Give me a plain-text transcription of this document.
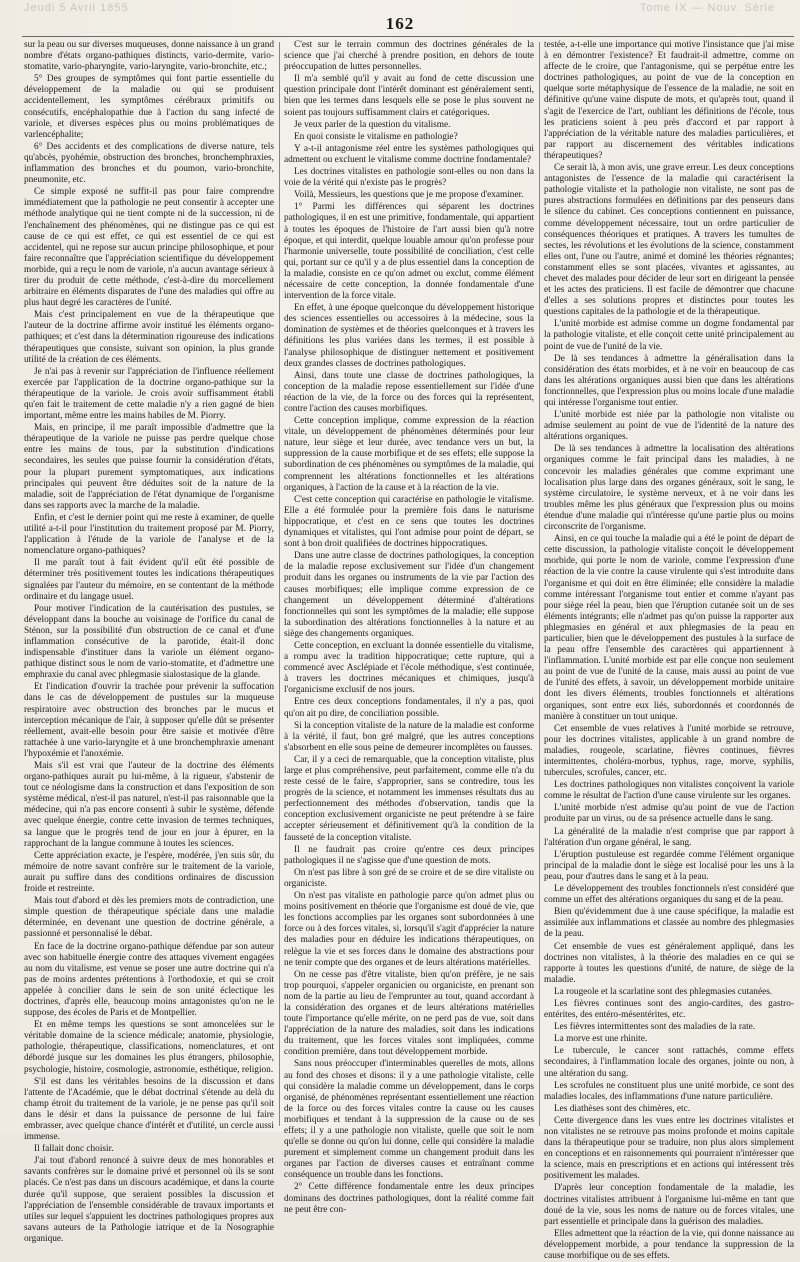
Jeudi 5 Avril 1855	Tome IX — Nouv. Série
162

sur la peau ou sur diverses muqueuses, donne naissance à un grand nombre d'états organo-pathiques distincts, vario-dermite, vario-stomatite, vario-pharyngite, vario-laryngite, vario-bronchite, etc.;

5° Des groupes de symptômes qui font partie essentielle du développement de la maladie ou qui se produisent accidentellement, les symptômes cérébraux primitifs ou consécutifs, encéphalopathie due à l'action du sang infecté de variole, et diverses espèces plus ou moins problématiques de varlencéphalite;

6° Des accidents et des complications de diverse nature, tels qu'abcès, pyohémie, obstruction des bronches, bronchemphraxies, inflammation des bronches et du poumon, vario-bronchite, pneumonite, etc.

Ce simple exposé ne suffit-il pas pour faire comprendre immédiatement que la pathologie ne peut consentir à accepter une méthode analytique qui ne tient compte ni de la succession, ni de l'enchaînement des phénomènes, qui ne distingue pas ce qui est cause de ce qui est effet, ce qui est essentiel de ce qui est accidentel, qui ne repose sur aucun principe philosophique, et pour faire reconnaître que l'appréciation scientifique du développement morbide, qui a reçu le nom de variole, n'a aucun avantage sérieux à tirer du produit de cette méthode, c'est-à-dire du morcellement arbitraire en éléments disparates de l'une des maladies qui offre au plus haut degré les caractères de l'unité.

Mais c'est principalement en vue de la thérapeutique que l'auteur de la doctrine affirme avoir institué les éléments organo-pathiques; et c'est dans la détermination rigoureuse des indications thérapeutiques que consiste, suivant son opinion, la plus grande utilité de la création de ces éléments.

Je n'ai pas à revenir sur l'appréciation de l'influence réellement exercée par l'application de la doctrine organo-pathique sur la thérapeutique de la variole. Je crois avoir suffisamment établi qu'en fait le traitement de cette maladie n'y a rien gagné de bien important, même entre les mains habiles de M. Piorry.

Mais, en principe, il me paraît impossible d'admettre que la thérapeutique de la variole ne puisse pas perdre quelque chose entre les mains de tous, par la substitution d'indications secondaires, les seules que puisse fournir la considération d'états, pour la plupart purement symptomatiques, aux indications principales qui peuvent être déduites soit de la nature de la maladie, soit de l'appréciation de l'état dynamique de l'organisme dans ses rapports avec la marche de la maladie.

Enfin, et c'est le dernier point qui me reste à examiner, de quelle utilité a-t-il pour l'institution du traitement proposé par M. Piorry, l'application à l'étude de la variole de l'analyse et de la nomenclature organo-pathiques?

Il me paraît tout à fait évident qu'il eût été possible de déterminer très positivement toutes les indications thérapeutiques signalées par l'auteur du mémoire, en se contentant de la méthode ordinaire et du langage usuel.

Pour motiver l'indication de la cautérisation des pustules, se développant dans la bouche au voisinage de l'orifice du canal de Sténon, sur la possibilité d'un obstruction de ce canal et d'une inflammation consécutive de la parotide, était-il donc indispensable d'instituer dans la variole un élément organo-pathique distinct sous le nom de vario-stomatite, et d'admettre une emphraxie du canal avec phlegmasie sialostasique de la glande.

Et l'indication d'ouvrir la trachée pour prévenir la suffocation dans le cas de développement de pustules sur la muqueuse respiratoire avec obstruction des bronches par le mucus et interception mécanique de l'air, à supposer qu'elle dût se présenter réellement, avait-elle besoin pour être saisie et motivée d'être rattachée à une vario-laryngite et à une bronchemphraxie amenant l'hypoxémie et l'anoxémie.

Mais s'il est vrai que l'auteur de la doctrine des éléments organo-pathiques aurait pu lui-même, à la rigueur, s'abstenir de tout ce néologisme dans la construction et dans l'exposition de son système médical, n'est-il pas naturel, n'est-il pas raisonnable que la médecine, qui n'a pas encore consenti à subir le système, défende avec quelque énergie, contre cette invasion de termes techniques, sa langue que le progrès tend de jour en jour à épurer, en la rapprochant de la langue commune à toutes les sciences.

Cette appréciation exacte, je l'espère, modérée, j'en suis sûr, du mémoire de notre savant confrère sur le traitement de la variole, aurait pu suffire dans des conditions ordinaires de discussion froide et restreinte.

Mais tout d'abord et dès les premiers mots de contradiction, une simple question de thérapeutique spéciale dans une maladie déterminée, en devenant une question de doctrine générale, a passionné et personnalisé le débat.

En face de la doctrine organo-pathique défendue par son auteur avec son habituelle énergie contre des attaques vivement engagées au nom du vitalisme, est venue se poser une autre doctrine qui n'a pas de moins ardentes prétentions à l'orthodoxie, et qui se croit appelée à concilier dans le sein de son unité éclectique les doctrines, d'après elle, beaucoup moins antagonistes qu'on ne le suppose, des écoles de Paris et de Montpellier.

Et en même temps les questions se sont amoncelées sur le véritable domaine de la science médicale; anatomie, physiologie, pathologie, thérapeutique, classifications, nomenclatures, et ont débordé jusque sur les domaines les plus étrangers, philosophie, psychologie, histoire, cosmologie, astronomie, esthétique, religion.

S'il est dans les véritables besoins de la discussion et dans l'attente de l'Académie, que le débat doctrinal s'étende au delà du champ étroit du traitement de la variole, je ne pense pas qu'il soit dans le désir et dans la puissance de personne de lui faire embrasser, avec quelque chance d'intérêt et d'utilité, un cercle aussi immense.

Il fallait donc choisir.

J'ai tout d'abord renoncé à suivre deux de mes honorables et savants confrères sur le domaine privé et personnel où ils se sont placés. Ce n'est pas dans un discours académique, et dans la courte durée qu'il suppose, que seraient possibles la discussion et l'appréciation de l'ensemble considérable de travaux importants et utiles sur lequel s'appuient les doctrines pathologiques propres aux savans auteurs de la Pathologie iatrique et de la Nosographie organique.

C'est sur le terrain commun des doctrines générales de la science que j'ai cherché à prendre position, en dehors de toute préoccupation de luttes personnelles.

Il m'a semblé qu'il y avait au fond de cette discussion une question principale dont l'intérêt dominant est généralement senti, bien que les termes dans lesquels elle se pose le plus souvent ne soient pas toujours suffisamment clairs et catégoriques.

Je veux parler de la question du vitalisme.

En quoi consiste le vitalisme en pathologie?

Y a-t-il antagonisme réel entre les systèmes pathologiques qui admettent ou excluent le vitalisme comme doctrine fondamentale?

Les doctrines vitalistes en pathologie sont-elles ou non dans la voie de la vérité qui n'existe pas le progrès?

Voilà, Messieurs, les questions que je me propose d'examiner.

1° Parmi les différences qui séparent les doctrines pathologiques, il en est une primitive, fondamentale, qui appartient à toutes les époques de l'histoire de l'art aussi bien qu'à notre époque, et qui interdit, quelque louable amour qu'on professe pour l'harmonie universelle, toute possibilité de conciliation, c'est celle qui, portant sur ce qu'il y a de plus essentiel dans la conception de la maladie, consiste en ce qu'on admet ou exclut, comme élément nécessaire de cette conception, la donnée fondamentale d'une intervention de la force vitale.

En effet, à une époque quelconque du développement historique des sciences essentielles ou accessoires à la médecine, sous la domination de systèmes et de théories quelconques et à travers les définitions les plus variées dans les termes, il est possible à l'analyse philosophique de distinguer nettement et positivement deux grandes classes de doctrines pathologiques.

Ainsi, dans toute une classe de doctrines pathologiques, la conception de la maladie repose essentiellement sur l'idée d'une réaction de la vie, de la force ou des forces qui la représentent, contre l'action des causes morbifiques.

Cette conception implique, comme expression de la réaction vitale, un développement de phénomènes déterminés pour leur nature, leur siège et leur durée, avec tendance vers un but, la suppression de la cause morbifique et de ses effets; elle suppose la subordination de ces phénomènes ou symptômes de la maladie, qui comprennent les altérations fonctionnelles et les altérations organiques, à l'action de la cause et à la réaction de la vie.

C'est cette conception qui caractérise en pathologie le vitalisme. Elle a été formulée pour la première fois dans le naturisme hippocratique, et c'est en ce sens que toutes les doctrines dynamiques et vitalistes, qui l'ont admise pour point de départ, se sont à bon droit qualifiées de doctrines hippocratiques.

Dans une autre classe de doctrines pathologiques, la conception de la maladie repose exclusivement sur l'idée d'un changement produit dans les organes ou instruments de la vie par l'action des causes morbifiques; elle implique comme expression de ce changement un développement déterminé d'altérations fonctionnelles qui sont les symptômes de la maladie; elle suppose la subordination des altérations fonctionnelles à la nature et au siège des changements organiques.

Cette conception, en excluant la donnée essentielle du vitalisme, a rompu avec la tradition hippocratique; cette rupture, qui a commencé avec Asclépiade et l'école méthodique, s'est continuée, à travers les doctrines mécaniques et chimiques, jusqu'à l'organicisme exclusif de nos jours.

Entre ces deux conceptions fondamentales, il n'y a pas, quoi qu'on ait pu dire, de conciliation possible.

Si la conception vitaliste de la nature de la maladie est conforme à la vérité, il faut, bon gré malgré, que les autres conceptions s'absorbent en elle sous peine de demeurer incomplètes ou fausses.

Car, il y a ceci de remarquable, que la conception vitaliste, plus large et plus compréhensive, peut parfaitement, comme elle n'a du reste cessé de le faire, s'approprier, sans se contredire, tous les progrès de la science, et notamment les immenses résultats dus au perfectionnement des méthodes d'observation, tandis que la conception exclusivement organiciste ne peut prétendre à se faire accepter sérieusement et définitivement qu'à la condition de la fausseté de la conception vitaliste.

Il ne faudrait pas croire qu'entre ces deux principes pathologiques il ne s'agisse que d'une question de mots.

On n'est pas libre à son gré de se croire et de se dire vitaliste ou organiciste.

On n'est pas vitaliste en pathologie parce qu'on admet plus ou moins positivement en théorie que l'organisme est doué de vie, que les fonctions accomplies par les organes sont subordonnées à une force ou à des forces vitales, si, lorsqu'il s'agit d'apprécier la nature des maladies pour en déduire les indications thérapeutiques, on relègue la vie et ses forces dans le domaine des abstractions pour ne tenir compte que des organes et de leurs altérations matérielles.

On ne cesse pas d'être vitaliste, bien qu'on préfère, je ne sais trop pourquoi, s'appeler organicien ou organiciste, en prenant son nom de la partie au lieu de l'emprunter au tout, quand accordant à la considération des organes et de leurs altérations matérielles toute l'importance qu'elle mérite, on ne perd pas de vue, soit dans l'appréciation de la nature des maladies, soit dans les indications du traitement, que les forces vitales sont impliquées, comme condition première, dans tout développement morbide.

Sans nous préoccuper d'interminables querelles de mots, allons au fond des choses et disons: il y a une pathologie vitaliste, celle qui considère la maladie comme un développement, dans le corps organisé, de phénomènes représentant essentiellement une réaction de la force ou des forces vitales contre la cause ou les causes morbifiques et tendant à la suppression de la cause ou de ses effets; il y a une pathologie non vitaliste, quelle que soit le nom qu'elle se donne ou qu'on lui donne, celle qui considère la maladie purement et simplement comme un changement produit dans les organes par l'action de diverses causes et entraînant comme conséquence un trouble dans les fonctions.

2° Cette différence fondamentale entre les deux principes dominans des doctrines pathologiques, dont la réalité comme fait ne peut être con-

testée, a-t-elle une importance qui motive l'insistance que j'ai mise à en démontrer l'existence? Et faudrait-il admettre, comme on affecte de le croire, que l'antagonisme, qui se perpétue entre les doctrines pathologiques, au point de vue de la conception en quelque sorte métaphysique de l'essence de la maladie, ne soit en définitive qu'une vaine dispute de mots, et qu'après tout, quand il s'agit de l'exercice de l'art, oubliant les définitions de l'école, tous les praticiens soient à peu près d'accord et par rapport à l'appréciation de la véritable nature des maladies particulières, et par rapport au discernement des véritables indications thérapeutiques?

Ce serait là, à mon avis, une grave erreur. Les deux conceptions antagonistes de l'essence de la maladie qui caractérisent la pathologie vitaliste et la pathologie non vitaliste, ne sont pas de pures abstractions formulées en définitions par des penseurs dans le silence du cabinet. Ces conceptions contiennent en puissance, comme développement nécessaire, tout un ordre particulier de conséquences théoriques et pratiques. A travers les tumultes de sectes, les révolutions et les évolutions de la science, constamment elles ont, l'une ou l'autre, animé et dominé les théories régnantes; constamment elles se sont placées, vivantes et agissantes, au chevet des malades pour décider de leur sort en dirigeant la pensée et les actes des praticiens. Il est facile de démontrer que chacune d'elles a ses solutions propres et distinctes pour toutes les questions capitales de la pathologie et de la thérapeutique.

L'unité morbide est admise comme un dogme fondamental par la pathologie vitaliste, et elle conçoit cette unité principalement au point de vue de l'unité de la vie.

De là ses tendances à admettre la généralisation dans la considération des états morbides, et à ne voir en beaucoup de cas dans les altérations organiques aussi bien que dans les altérations fonctionnelles, que l'expression plus ou moins locale d'une maladie qui intéresse l'organisme tout entier.

L'unité morbide est niée par la pathologie non vitaliste ou admise seulement au point de vue de l'identité de la nature des altérations organiques.

De là ses tendances à admettre la localisation des altérations organiques comme le fait principal dans les maladies, à ne concevoir les maladies générales que comme exprimant une localisation plus large dans des organes généraux, soit le sang, le système circulatoire, le système nerveux, et à ne voir dans les troubles même les plus généraux que l'expression plus ou moins étendue d'une maladie qui n'intéresse qu'une partie plus ou moins circonscrite de l'organisme.

Ainsi, en ce qui touche la maladie qui a été le point de départ de cette discussion, la pathologie vitaliste conçoit le développement morbide, qui porte le nom de variole, comme l'expression d'une réaction de la vie contre la cause virulente qui s'est introduite dans l'organisme et qui doit en être éliminée; elle considère la maladie comme intéressant l'organisme tout entier et comme n'ayant pas pour siège réel la peau, bien que l'éruption cutanée soit un de ses éléments intégrants; elle n'admet pas qu'on puisse la rapporter aux phlegmasies en général et aux phlegmasies de la peau en particulier, bien que le développement des pustules à la surface de la peau offre l'ensemble des caractères qui appartiennent à l'inflammation. L'unité morbide est par elle conçue non seulement au point de vue de l'unité de la cause, mais aussi au point de vue de l'unité des effets, à savoir, un développement morbide unitaire dont les divers éléments, troubles fonctionnels et altérations organiques, sont entre eux liés, subordonnés et coordonnés de manière à constituer un tout unique.

Cet ensemble de vues relatives à l'unité morbide se retrouve, pour les doctrines vitalistes, applicable à un grand nombre de maladies, rougeole, scarlatine, fièvres continues, fièvres intermittentes, choléra-morbus, typhus, rage, morve, syphilis, tubercules, scrofules, cancer, etc.

Les doctrines pathologiques non vitalistes conçoivent la variole comme le résultat de l'action d'une cause virulente sur les organes.

L'unité morbide n'est admise qu'au point de vue de l'action produite par un virus, ou de sa présence actuelle dans le sang.

La généralité de la maladie n'est comprise que par rapport à l'altération d'un organe général, le sang.

L'éruption pustuleuse est regardée comme l'élément organique principal de la maladie dont le siège est localisé pour les uns à la peau, pour d'autres dans le sang et à la peau.

Le développement des troubles fonctionnels n'est considéré que comme un effet des altérations organiques du sang et de la peau.

Bien qu'évidemment due à une cause spécifique, la maladie est assimilée aux inflammations et classée au nombre des phlegmasies de la peau.

Cet ensemble de vues est généralement appliqué, dans les doctrines non vitalistes, à la théorie des maladies en ce qui se rapporte à toutes les questions d'unité, de nature, de siège de la maladie.

La rougeole et la scarlatine sont des phlegmasies cutanées.

Les fièvres continues sont des angio-cardites, des gastro-entérites, des entéro-mésentérites, etc.

Les fièvres intermittentes sont des maladies de la rate.

La morve est une rhinite.

Le tubercule, le cancer sont rattachés, comme effets secondaires, à l'inflammation locale des organes, jointe ou non, à une altération du sang.

Les scrofules ne constituent plus une unité morbide, ce sont des maladies locales, des inflammations d'une nature particulière.

Les diathèses sont des chimères, etc.

Cette divergence dans les vues entre les doctrines vitalistes et non vitalistes ne se retrouve pas moins profonde et moins capitale dans la thérapeutique pour se traduire, non plus alors simplement en conceptions et en raisonnements qui pourraient n'intéresser que la science, mais en prescriptions et en actions qui intéressent très positivement les malades.

D'après leur conception fondamentale de la maladie, les doctrines vitalistes attribuent à l'organisme lui-même en tant que doué de la vie, sous les noms de nature ou de forces vitales, une part essentielle et principale dans la guérison des maladies.

Elles admettent que la réaction de la vie, qui donne naissance au développement morbide, a pour tendance la suppression de la cause morbifique ou de ses effets.
